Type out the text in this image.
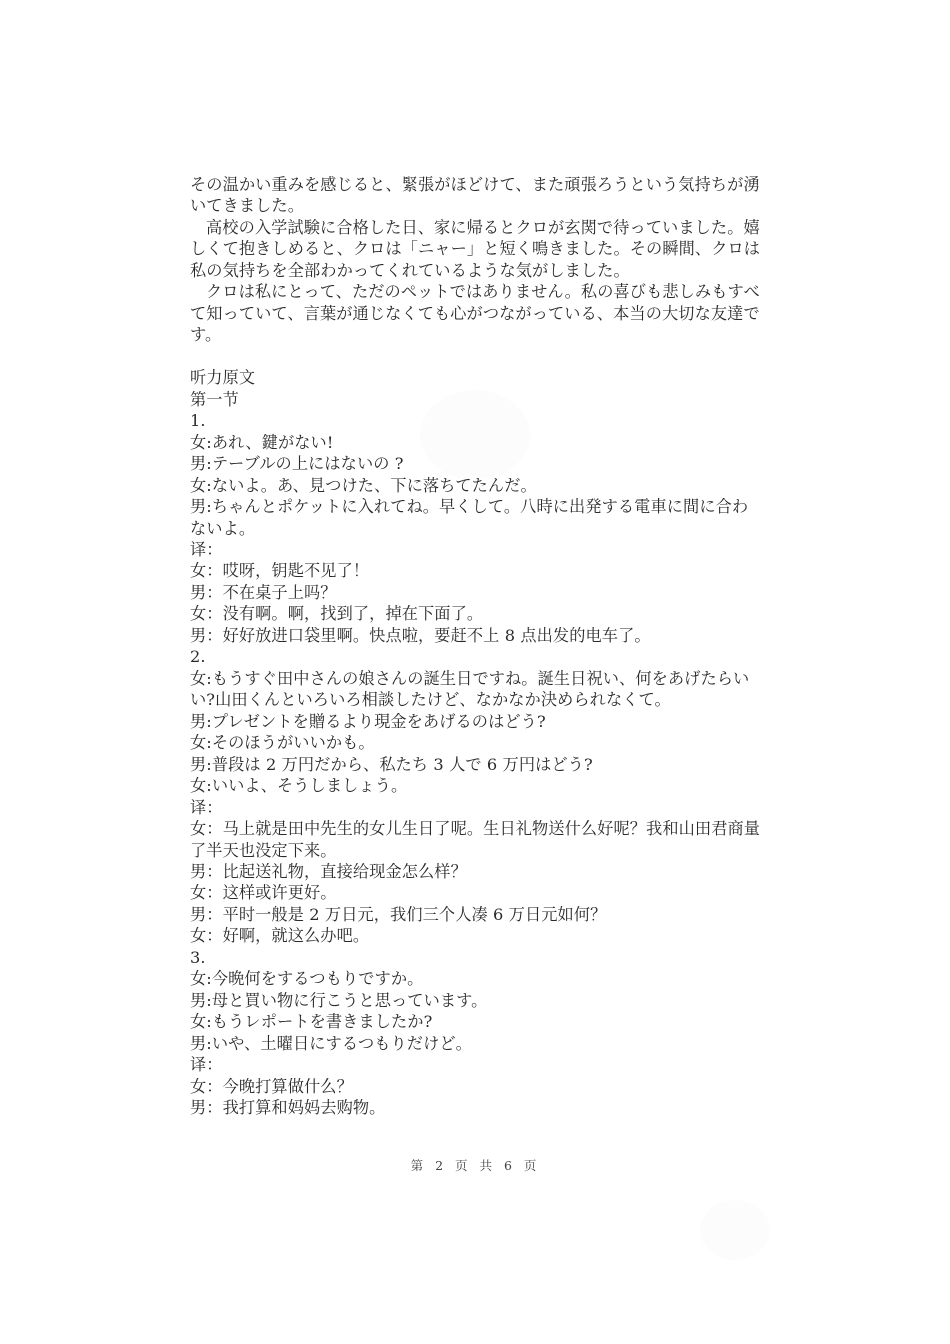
その温かい重みを感じると、緊張がほどけて、また頑張ろうという気持ちが湧
いてきました。
高校の入学試験に合格した日、家に帰るとクロが玄関で待っていました。嬉
しくて抱きしめると、クロは「ニャー」と短く鳴きました。その瞬間、クロは
私の気持ちを全部わかってくれているような気がしました。
クロは私にとって、ただのペットではありません。私の喜びも悲しみもすべ
て知っていて、言葉が通じなくても心がつながっている、本当の大切な友達で
す。
听力原文
第一节
1.
女:あれ、鍵がない!
男:テーブルの上にはないの ?
女:ないよ。あ、見つけた、下に落ちてたんだ。
男:ちゃんとポケットに入れてね。早くして。八時に出発する電車に間に合わ
ないよ。
译：
女：哎呀，钥匙不见了！
男：不在桌子上吗？
女：没有啊。啊，找到了，掉在下面了。
男：好好放进口袋里啊。快点啦，要赶不上 8 点出发的电车了。
2.
女:もうすぐ田中さんの娘さんの誕生日ですね。誕生日祝い、何をあげたらい
い?山田くんといろいろ相談したけど、なかなか決められなくて。
男:プレゼントを贈るより現金をあげるのはどう?
女:そのほうがいいかも。
男:普段は 2 万円だから、私たち 3 人で 6 万円はどう?
女:いいよ、そうしましょう。
译：
女：马上就是田中先生的女儿生日了呢。生日礼物送什么好呢？我和山田君商量
了半天也没定下来。
男：比起送礼物，直接给现金怎么样？
女：这样或许更好。
男：平时一般是 2 万日元，我们三个人凑 6 万日元如何？
女：好啊，就这么办吧。
3.
女:今晩何をするつもりですか。
男:母と買い物に行こうと思っています。
女:もうレポートを書きましたか?
男:いや、土曜日にするつもりだけど。
译：
女：今晚打算做什么？
男：我打算和妈妈去购物。
第 2 页 共 6 页
